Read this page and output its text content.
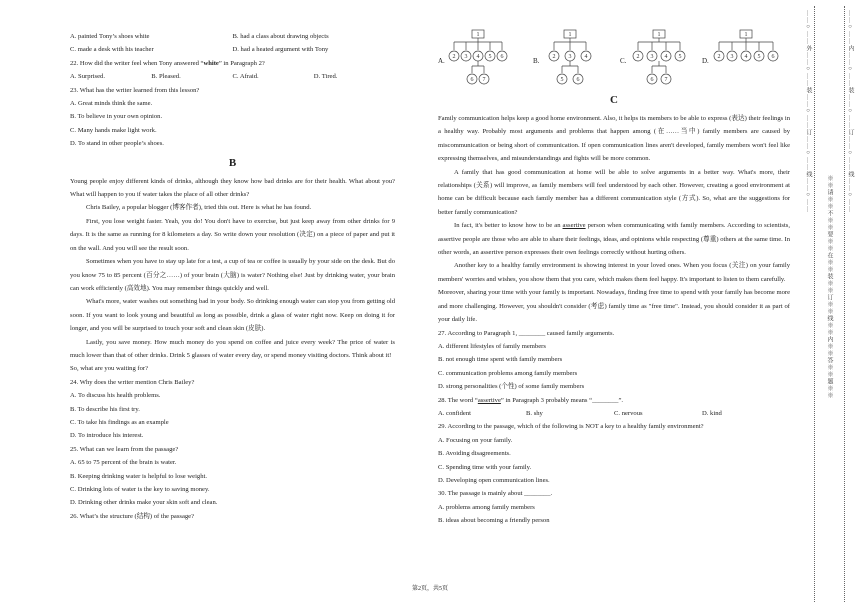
A. painted Tony’s shoes white	B. had a class about drawing objects
C. made a desk with his teacher	D. had a heated argument with Tony
22. How did the writer feel when Tony answered “white” in Paragraph 2?
A. Surprised.	B. Pleased.	C. Afraid.	D. Tired.
23. What has the writer learned from this lesson?
A. Great minds think the same.
B. To believe in your own opinion.
C. Many hands make light work.
D. To stand in other people’s shoes.
B
Young people enjoy different kinds of drinks, although they know how bad drinks are for their health. What about you? What will happen to you if water takes the place of all other drinks?
Chris Bailey, a popular blogger (博客作者), tried this out. Here is what he has found.
First, you lose weight faster. Yeah, you do! You don't have to exercise, but just keep away from other drinks for 9 days. It is the same as running for 8 kilometers a day. So write down your resolution (决定) on a piece of paper and put it on the wall. And you will see the result soon.
Sometimes when you have to stay up late for a test, a cup of tea or coffee is usually by your side on the desk. But do you know 75 to 85 percent (百分之……) of your brain (大脑) is water? Nothing else! Just by drinking water, your brain can work efficiently (高效地). You may remember things quickly and well.
What's more, water washes out something bad in your body. So drinking enough water can stop you from getting old soon. If you want to look young and beautiful as long as possible, drink a glass of water right now. Keep on doing it for longer, and you will be surprised to touch your soft and clean skin (皮肤).
Lastly, you save money. How much money do you spend on coffee and juice every week? The price of water is much lower than that of other drinks. Drink 5 glasses of water every day, or spend money visiting doctors. Think about it!
So, what are you waiting for?
24. Why does the writer mention Chris Bailey?
A. To discuss his health problems.
B. To describe his first try.
C. To take his findings as an example
D. To introduce his interest.
25. What can we learn from the passage?
A. 65 to 75 percent of the brain is water.
B. Keeping drinking water is helpful to lose weight.
C. Drinking lots of water is the key to saving money.
D. Drinking other drinks make your skin soft and clean.
26. What’s the structure (结构) of the passage?
A.
1
2 3 4 5 6
6 7
B.
1
2 3 4
5 6
C.
1
2 3 4 5
6 7
D.
1
2 3 4 5 6
C
Family communication helps keep a good home environment. Also, it helps its members to be able to express (表达) their feelings in a healthy way. Probably most arguments and problems that happen among (在……当中) family members are caused by miscommunication or being short of communication. If open communication lines aren't developed, family members won't feel like expressing themselves, and misunderstandings and fights will be more common.
A family that has good communication at home will be able to solve arguments in a better way. What's more, their relationships (关系) will improve, as family members will feel understood by each other. However, creating a good environment at home can be difficult because each family member has a different communication style (方式). So, what are the suggestions for better family communication?
In fact, it's better to know how to be an assertive person when communicating with family members. According to scientists, assertive people are those who are able to share their feelings, ideas, and opinions while respecting (尊重) others at the same time. In other words, an assertive person expresses their own feelings correctly without hurting others.
Another key to a healthy family environment is showing interest in your loved ones. When you focus (关注) on your family members' worries and wishes, you show them that you care, which makes them feel happy. It's important to listen to them carefully.
Moreover, sharing your time with your family is important. Nowadays, finding free time to spend with your family has become more and more challenging. However, you shouldn't consider (考虑) family time as "free time". Instead, you should consider it as part of your daily life.
27. According to Paragraph 1, ________ caused family arguments.
A. different lifestyles of family members
B. not enough time spent with family members
C. communication problems among family members
D. strong personalities (个性) of some family members
28. The word “assertive” in Paragraph 3 probably means “________”.
A. confident	B. shy	C. nervous	D. kind
29. According to the passage, which of the following is NOT a key to a healthy family environment?
A. Focusing on your family.
B. Avoiding disagreements.
C. Spending time with your family.
D. Developing open communication lines.
30. The passage is mainly about ________.
A. problems among family members
B. ideas about becoming a friendly person
第2页，共5页
……○……外……○……装……○……订……○……线……○……
※※请※※不※※要※※在※※装※※订※※线※※内※※答※※题※※
……○……内……○……装……○……订……○……线……○……
